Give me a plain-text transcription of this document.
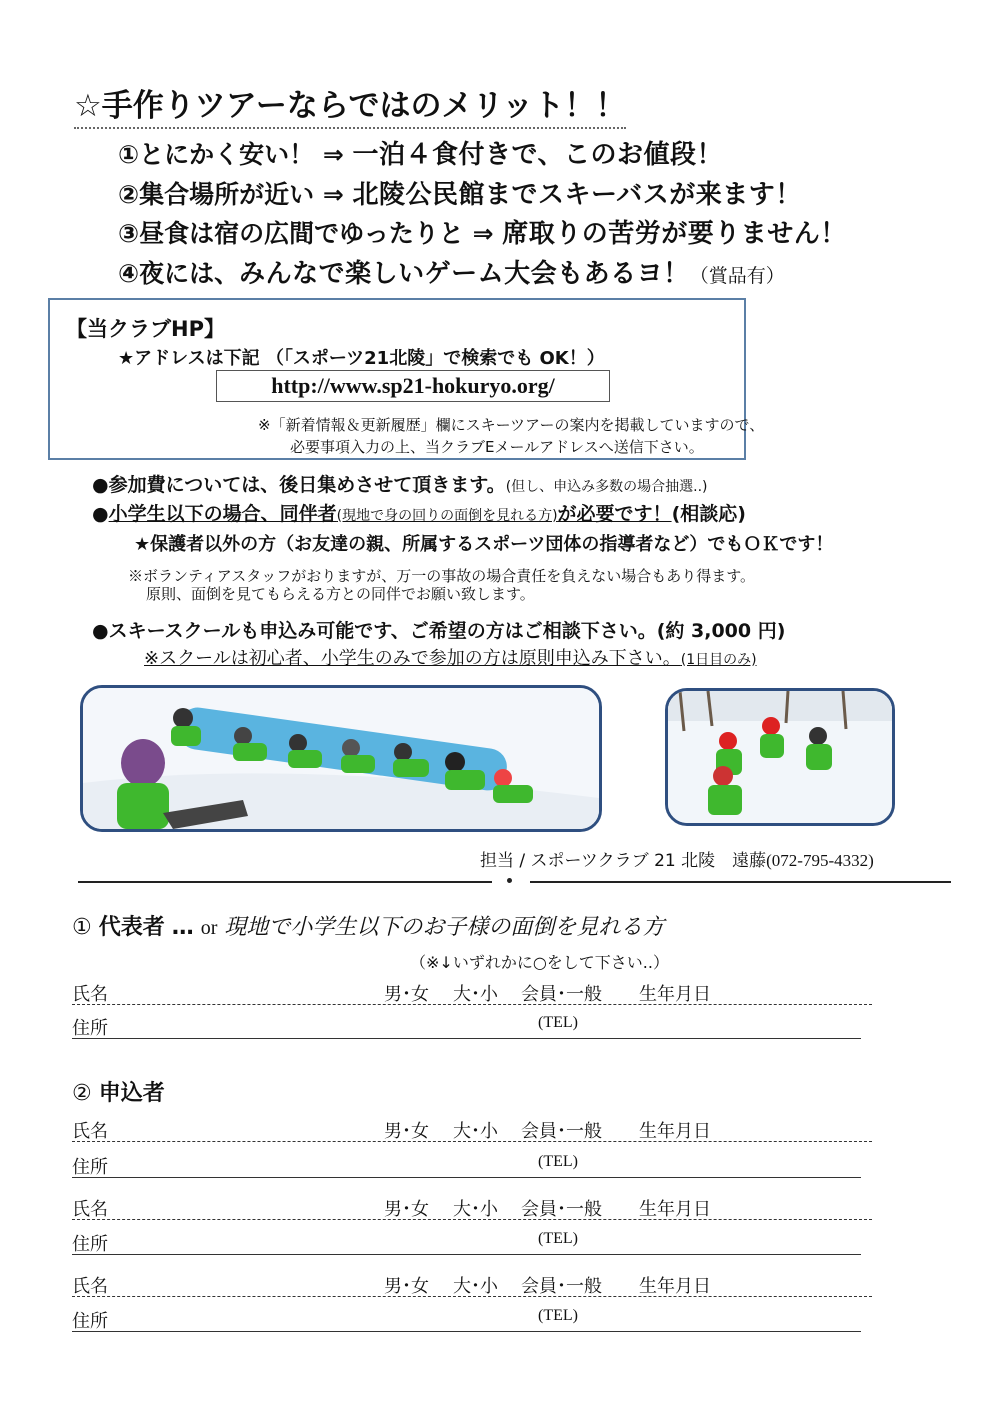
☆手作りツアーならではのメリット！！
①とにかく安い！ ⇒ 一泊４食付きで、このお値段！
②集合場所が近い ⇒ 北陵公民館までスキーバスが来ます！
③昼食は宿の広間でゆったりと ⇒ 席取りの苦労が要りません！
④夜には、みんなで楽しいゲーム大会もあるヨ！（賞品有）
【当クラブHP】
★アドレスは下記 （「スポーツ21北陵」で検索でも OK！）
http://www.sp21-hokuryo.org/
※「新着情報＆更新履歴」欄にスキーツアーの案内を掲載していますので、
必要事項入力の上、当クラブEメールアドレスへ送信下さい。
●参加費については、後日集めさせて頂きます。(但し、申込み多数の場合抽選..)
●小学生以下の場合、同伴者(現地で身の回りの面倒を見れる方)が必要です！(相談応)
★保護者以外の方（お友達の親、所属するスポーツ団体の指導者など）でもＯＫです！
※ボランティアスタッフがおりますが、万一の事故の場合責任を負えない場合もあり得ます。
原則、面倒を見てもらえる方との同伴でお願い致します。
●スキースクールも申込み可能です、ご希望の方はご相談下さい。(約 3,000 円)
※スクールは初心者、小学生のみで参加の方は原則申込み下さい。(1日目のみ)
担当 / スポーツクラブ 21 北陵　遠藤(072-795-4332)
① 代表者 … or 現地で小学生以下のお子様の面倒を見れる方
（※↓いずれかに○をして下さい..）
氏名	男･女 大･小 会員･一般 生年月日
住所	(TEL)
② 申込者
氏名	男･女 大･小 会員･一般 生年月日
住所	(TEL)
氏名	男･女 大･小 会員･一般 生年月日
住所	(TEL)
氏名	男･女 大･小 会員･一般 生年月日
住所	(TEL)
